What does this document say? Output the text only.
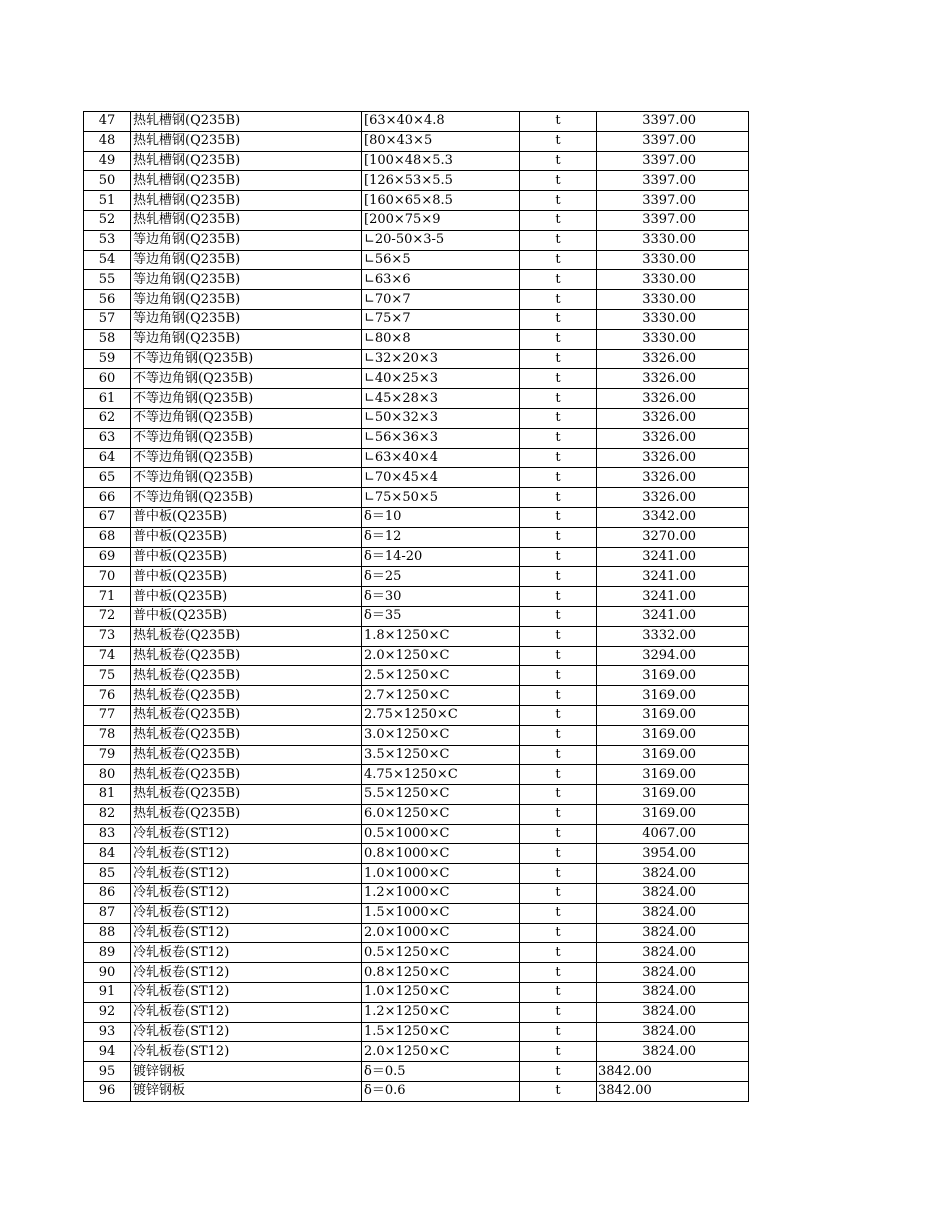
47	热轧槽钢(Q235B)	[63×40×4.8	t	3397.00
48	热轧槽钢(Q235B)	[80×43×5	t	3397.00
49	热轧槽钢(Q235B)	[100×48×5.3	t	3397.00
50	热轧槽钢(Q235B)	[126×53×5.5	t	3397.00
51	热轧槽钢(Q235B)	[160×65×8.5	t	3397.00
52	热轧槽钢(Q235B)	[200×75×9	t	3397.00
53	等边角钢(Q235B)	∟20-50×3-5	t	3330.00
54	等边角钢(Q235B)	∟56×5	t	3330.00
55	等边角钢(Q235B)	∟63×6	t	3330.00
56	等边角钢(Q235B)	∟70×7	t	3330.00
57	等边角钢(Q235B)	∟75×7	t	3330.00
58	等边角钢(Q235B)	∟80×8	t	3330.00
59	不等边角钢(Q235B)	∟32×20×3	t	3326.00
60	不等边角钢(Q235B)	∟40×25×3	t	3326.00
61	不等边角钢(Q235B)	∟45×28×3	t	3326.00
62	不等边角钢(Q235B)	∟50×32×3	t	3326.00
63	不等边角钢(Q235B)	∟56×36×3	t	3326.00
64	不等边角钢(Q235B)	∟63×40×4	t	3326.00
65	不等边角钢(Q235B)	∟70×45×4	t	3326.00
66	不等边角钢(Q235B)	∟75×50×5	t	3326.00
67	普中板(Q235B)	δ＝10	t	3342.00
68	普中板(Q235B)	δ＝12	t	3270.00
69	普中板(Q235B)	δ＝14-20	t	3241.00
70	普中板(Q235B)	δ＝25	t	3241.00
71	普中板(Q235B)	δ＝30	t	3241.00
72	普中板(Q235B)	δ＝35	t	3241.00
73	热轧板卷(Q235B)	1.8×1250×C	t	3332.00
74	热轧板卷(Q235B)	2.0×1250×C	t	3294.00
75	热轧板卷(Q235B)	2.5×1250×C	t	3169.00
76	热轧板卷(Q235B)	2.7×1250×C	t	3169.00
77	热轧板卷(Q235B)	2.75×1250×C	t	3169.00
78	热轧板卷(Q235B)	3.0×1250×C	t	3169.00
79	热轧板卷(Q235B)	3.5×1250×C	t	3169.00
80	热轧板卷(Q235B)	4.75×1250×C	t	3169.00
81	热轧板卷(Q235B)	5.5×1250×C	t	3169.00
82	热轧板卷(Q235B)	6.0×1250×C	t	3169.00
83	冷轧板卷(ST12)	0.5×1000×C	t	4067.00
84	冷轧板卷(ST12)	0.8×1000×C	t	3954.00
85	冷轧板卷(ST12)	1.0×1000×C	t	3824.00
86	冷轧板卷(ST12)	1.2×1000×C	t	3824.00
87	冷轧板卷(ST12)	1.5×1000×C	t	3824.00
88	冷轧板卷(ST12)	2.0×1000×C	t	3824.00
89	冷轧板卷(ST12)	0.5×1250×C	t	3824.00
90	冷轧板卷(ST12)	0.8×1250×C	t	3824.00
91	冷轧板卷(ST12)	1.0×1250×C	t	3824.00
92	冷轧板卷(ST12)	1.2×1250×C	t	3824.00
93	冷轧板卷(ST12)	1.5×1250×C	t	3824.00
94	冷轧板卷(ST12)	2.0×1250×C	t	3824.00
95	镀锌钢板	δ＝0.5	t	3842.00
96	镀锌钢板	δ＝0.6	t	3842.00
